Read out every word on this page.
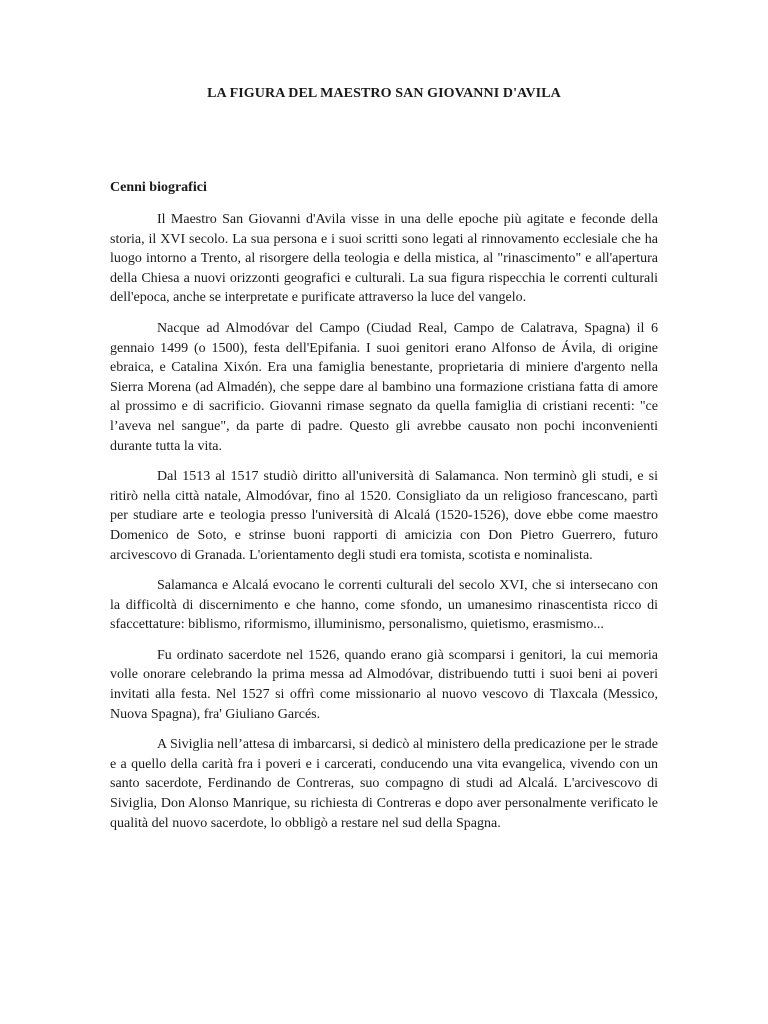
LA FIGURA DEL MAESTRO SAN GIOVANNI D'AVILA
Cenni biografici

Il Maestro San Giovanni d'Avila visse in una delle epoche più agitate e feconde della storia, il XVI secolo. La sua persona e i suoi scritti sono legati al rinnovamento ecclesiale che ha luogo intorno a Trento, al risorgere della teologia e della mistica, al "rinascimento" e all'apertura della Chiesa a nuovi orizzonti geografici e culturali. La sua figura rispecchia le correnti culturali dell'epoca, anche se interpretate e purificate attraverso la luce del vangelo.

Nacque ad Almodóvar del Campo (Ciudad Real, Campo de Calatrava, Spagna) il 6 gennaio 1499 (o 1500), festa dell'Epifania. I suoi genitori erano Alfonso de Ávila, di origine ebraica, e Catalina Xixón. Era una famiglia benestante, proprietaria di miniere d'argento nella Sierra Morena (ad Almadén), che seppe dare al bambino una formazione cristiana fatta di amore al prossimo e di sacrificio. Giovanni rimase segnato da quella famiglia di cristiani recenti: "ce l’aveva nel sangue", da parte di padre. Questo gli avrebbe causato non pochi inconvenienti durante tutta la vita.

Dal 1513 al 1517 studiò diritto all'università di Salamanca. Non terminò gli studi, e si ritirò nella città natale, Almodóvar, fino al 1520. Consigliato da un religioso francescano, partì per studiare arte e teologia presso l'università di Alcalá (1520-1526), dove ebbe come maestro Domenico de Soto, e strinse buoni rapporti di amicizia con Don Pietro Guerrero, futuro arcivescovo di Granada. L'orientamento degli studi era tomista, scotista e nominalista.

Salamanca e Alcalá evocano le correnti culturali del secolo XVI, che si intersecano con la difficoltà di discernimento e che hanno, come sfondo, un umanesimo rinascentista ricco di sfaccettature: biblismo, riformismo, illuminismo, personalismo, quietismo, erasmismo...

Fu ordinato sacerdote nel 1526, quando erano già scomparsi i genitori, la cui memoria volle onorare celebrando la prima messa ad Almodóvar, distribuendo tutti i suoi beni ai poveri invitati alla festa. Nel 1527 si offrì come missionario al nuovo vescovo di Tlaxcala (Messico, Nuova Spagna), fra' Giuliano Garcés.

A Siviglia nell’attesa di imbarcarsi, si dedicò al ministero della predicazione per le strade e a quello della carità fra i poveri e i carcerati, conducendo una vita evangelica, vivendo con un santo sacerdote, Ferdinando de Contreras, suo compagno di studi ad Alcalá. L'arcivescovo di Siviglia, Don Alonso Manrique, su richiesta di Contreras e dopo aver personalmente verificato le qualità del nuovo sacerdote, lo obbligò a restare nel sud della Spagna.
